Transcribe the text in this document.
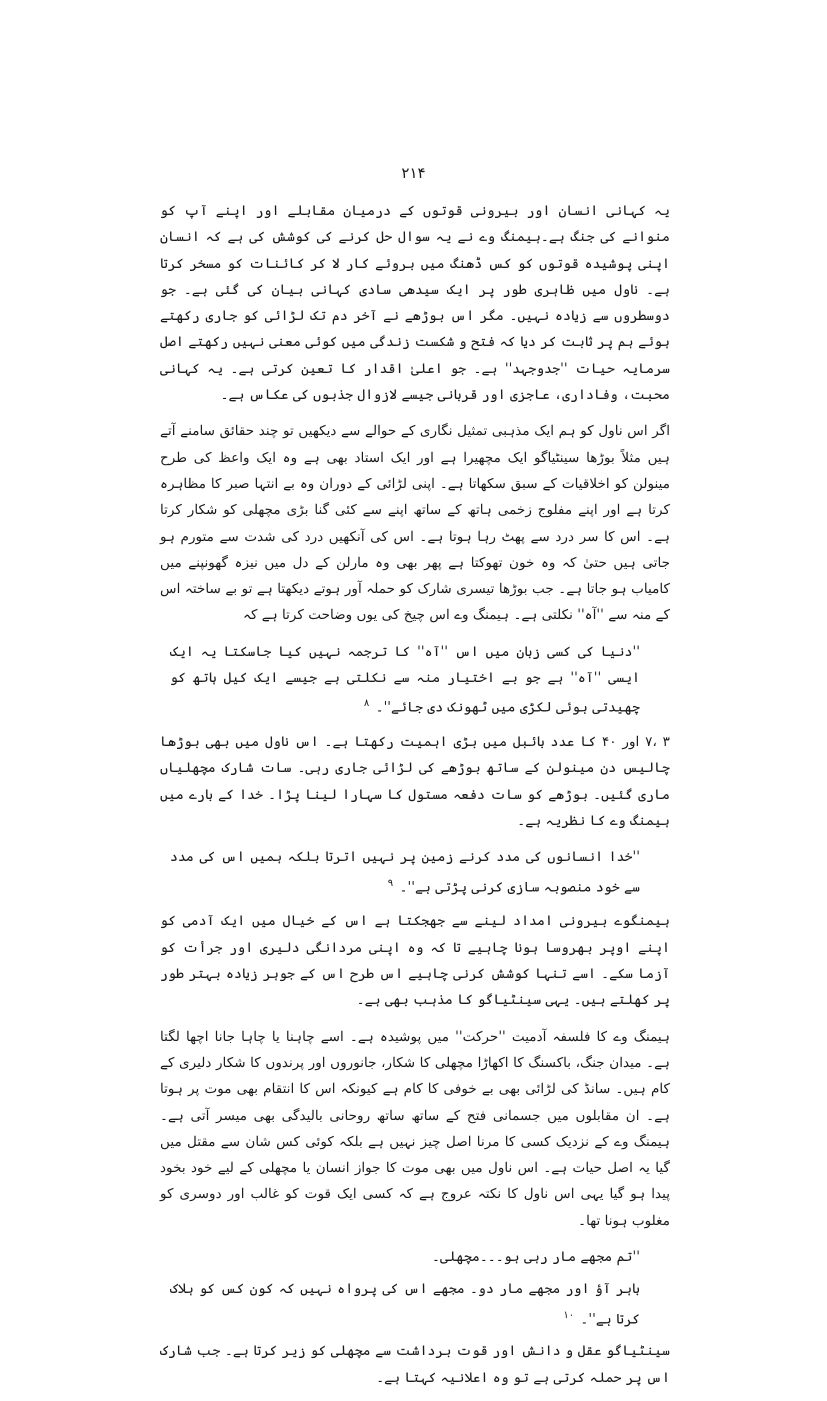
۲۱۴

یہ کہانی انسان اور بیرونی قوتوں کے درمیان مقابلے اور اپنے آپ کو منوانے کی جنگ ہے۔ہیمنگ وے نے یہ سوال حل کرنے کی کوشش کی ہے کہ انسان اپنی پوشیدہ قوتوں کو کس ڈھنگ میں بروئے کار لا کر کائنات کو مسخر کرتا ہے۔ ناول میں ظاہری طور پر ایک سیدھی سادی کہانی بیان کی گئی ہے۔ جو دوسطروں سے زیادہ نہیں۔ مگر اس بوڑھے نے آخر دم تک لڑائی کو جاری رکھتے ہوئے ہم پر ثابت کر دیا کہ فتح و شکست زندگی میں کوئی معنی نہیں رکھتے اصل سرمایہ حیات ''جدوجہد'' ہے۔ جو اعلیٰ اقدار کا تعین کرتی ہے۔ یہ کہانی محبت، وفاداری، عاجزی اور قربانی جیسے لازوال جذبوں کی عکاس ہے۔

اگر اس ناول کو ہم ایک مذہبی تمثیل نگاری کے حوالے سے دیکھیں تو چند حقائق سامنے آتے ہیں مثلاً بوڑھا سینٹیاگو ایک مچھیرا ہے اور ایک استاد بھی ہے وہ ایک واعظ کی طرح مینولن کو اخلاقیات کے سبق سکھاتا ہے۔ اپنی لڑائی کے دوران وہ بے انتہا صبر کا مظاہرہ کرتا ہے اور اپنے مفلوج زخمی ہاتھ کے ساتھ اپنے سے کئی گنا بڑی مچھلی کو شکار کرتا ہے۔ اس کا سر درد سے پھٹ رہا ہوتا ہے۔ اس کی آنکھیں درد کی شدت سے متورم ہو جاتی ہیں حتیٰ کہ وہ خون تھوکتا ہے پھر بھی وہ مارلن کے دل میں نیزہ گھونپنے میں کامیاب ہو جاتا ہے۔ جب بوڑھا تیسری شارک کو حملہ آور ہوتے دیکھتا ہے تو بے ساختہ اس کے منہ سے ''آہ'' نکلتی ہے۔ ہیمنگ وے اس چیخ کی یوں وضاحت کرتا ہے کہ

''دنیا کی کسی زبان میں اس ''آہ'' کا ترجمہ نہیں کیا جاسکتا یہ ایک ایسی ''آہ'' ہے جو بے اختیار منہ سے نکلتی ہے جیسے ایک کیل ہاتھ کو چھیدتی ہوئی لکڑی میں ٹھونک دی جائے''۔ $^۸$

۳ ،۷ اور ۴۰ کا عدد بائبل میں بڑی اہمیت رکھتا ہے۔ اس ناول میں بھی بوڑھا چالیس دن مینولن کے ساتھ بوڑھے کی لڑائی جاری رہی۔ سات شارک مچھلیاں ماری گئیں۔ بوڑھے کو سات دفعہ مستول کا سہارا لینا پڑا۔ خدا کے بارے میں ہیمنگ وے کا نظریہ ہے۔

''خدا انسانوں کی مدد کرنے زمین پر نہیں اترتا بلکہ ہمیں اس کی مدد سے خود منصوبہ سازی کرنی پڑتی ہے''۔ $^۹$

ہیمنگوے بیرونی امداد لینے سے جھجکتا ہے اس کے خیال میں ایک آدمی کو اپنے اوپر بھروسا ہونا چاہیے تا کہ وہ اپنی مردانگی دلیری اور جرأت کو آزما سکے۔ اسے تنہا کوشش کرنی چاہیے اس طرح اس کے جوہر زیادہ بہتر طور پر کھلتے ہیں۔ یہی سینٹیاگو کا مذہب بھی ہے۔

ہیمنگ وے کا فلسفہ آدمیت ''حرکت'' میں پوشیدہ ہے۔ اسے چاہنا یا چاہا جانا اچھا لگتا ہے۔ میدان جنگ، باکسنگ کا اکھاڑا مچھلی کا شکار، جانوروں اور پرندوں کا شکار دلیری کے کام ہیں۔ سانڈ کی لڑائی بھی بے خوفی کا کام ہے کیونکہ اس کا انتقام بھی موت پر ہوتا ہے۔ ان مقابلوں میں جسمانی فتح کے ساتھ ساتھ روحانی بالیدگی بھی میسر آتی ہے۔ ہیمنگ وے کے نزدیک کسی کا مرنا اصل چیز نہیں ہے بلکہ کوئی کس شان سے مقتل میں گیا یہ اصل حیات ہے۔ اس ناول میں بھی موت کا جواز انسان یا مچھلی کے لیے خود بخود پیدا ہو گیا یہی اس ناول کا نکتہ عروج ہے کہ کسی ایک قوت کو غالب اور دوسری کو مغلوب ہونا تھا۔

''تم مجھے مار رہی ہو۔۔۔مچھلی۔

باہر آؤ اور مجھے مار دو۔ مجھے اس کی پرواہ نہیں کہ کون کس کو ہلاک کرتا ہے''۔ $^{۱۰}$

سینٹیاگو عقل و دانش اور قوت برداشت سے مچھلی کو زیر کرتا ہے۔ جب شارک اس پر حملہ کرتی ہے تو وہ اعلانیہ کہتا ہے۔
